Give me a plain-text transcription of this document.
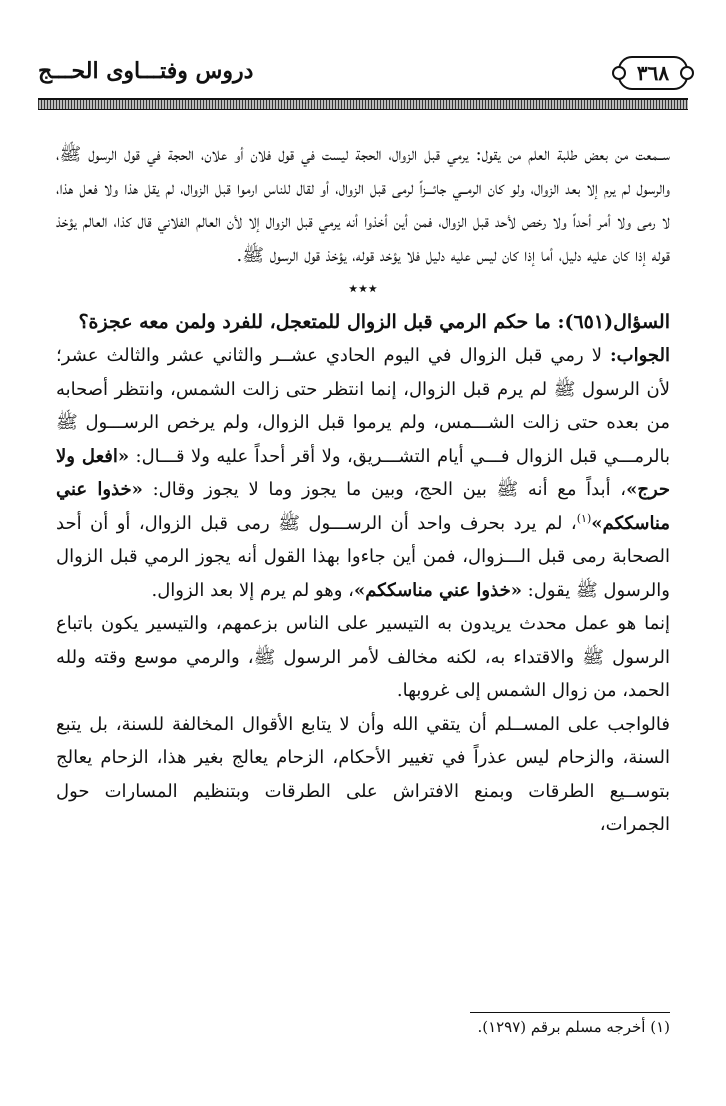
دروس وفتـــاوى الحـــج	٣٦٨

ســمعت من بعض طلبة العلم من يقول: يرمي قبل الزوال، الحجة ليست في قول فلان أو علان، الحجة في قول الرسول ﷺ، والرسول لم يرم إلا بعد الزوال، ولو كان الرمــي جائـــزاً لرمى قبل الزوال، أو لقال للناس ارموا قبل الزوال، لم يقل هذا ولا فعل هذا، لا رمى ولا أمر أحداً ولا رخص لأحد قبل الزوال، فمن أين أخذوا أنه يرمي قبل الزوال إلا لأن العالم الفلاني قال كذا، العالم يؤخذ قوله إذا كان عليه دليل، أما إذا كان ليس عليه دليل فلا يؤخد قوله، يؤخذ قول الرسول ﷺ.

٭٭٭

السؤال(٦٥١): ما حكم الرمي قبل الزوال للمتعجل، للفرد ولمن معه عجزة؟

الجواب: لا رمي قبل الزوال في اليوم الحادي عشــر والثاني عشر والثالث عشر؛ لأن الرسول ﷺ لم يرم قبل الزوال، إنما انتظر حتى زالت الشمس، وانتظر أصحابه من بعده حتى زالت الشـــمس، ولم يرموا قبل الزوال، ولم يرخص الرســـول ﷺ بالرمـــي قبل الزوال فـــي أيام التشـــريق، ولا أقر أحداً عليه ولا قـــال: «افعل ولا حرج»، أبداً مع أنه ﷺ بين الحج، وبين ما يجوز وما لا يجوز وقال: «خذوا عني مناسككم»$^{(١)}$، لم يرد بحرف واحد أن الرســـول ﷺ رمى قبل الزوال، أو أن أحد الصحابة رمى قبل الـــزوال، فمن أين جاءوا بهذا القول أنه يجوز الرمي قبل الزوال والرسول ﷺ يقول: «خذوا عني مناسككم»، وهو لم يرم إلا بعد الزوال.

إنما هو عمل محدث يريدون به التيسير على الناس بزعمهم، والتيسير يكون باتباع الرسول ﷺ والاقتداء به، لكنه مخالف لأمر الرسول ﷺ، والرمي موسع وقته ولله الحمد، من زوال الشمس إلى غروبها.

فالواجب على المســلم أن يتقي الله وأن لا يتابع الأقوال المخالفة للسنة، بل يتبع السنة، والزحام ليس عذراً في تغيير الأحكام، الزحام يعالج بغير هذا، الزحام يعالج بتوســيع الطرقات وبمنع الافتراش على الطرقات وبتنظيم المسارات حول الجمرات،

(١) أخرجه مسلم برقم (١٢٩٧).
